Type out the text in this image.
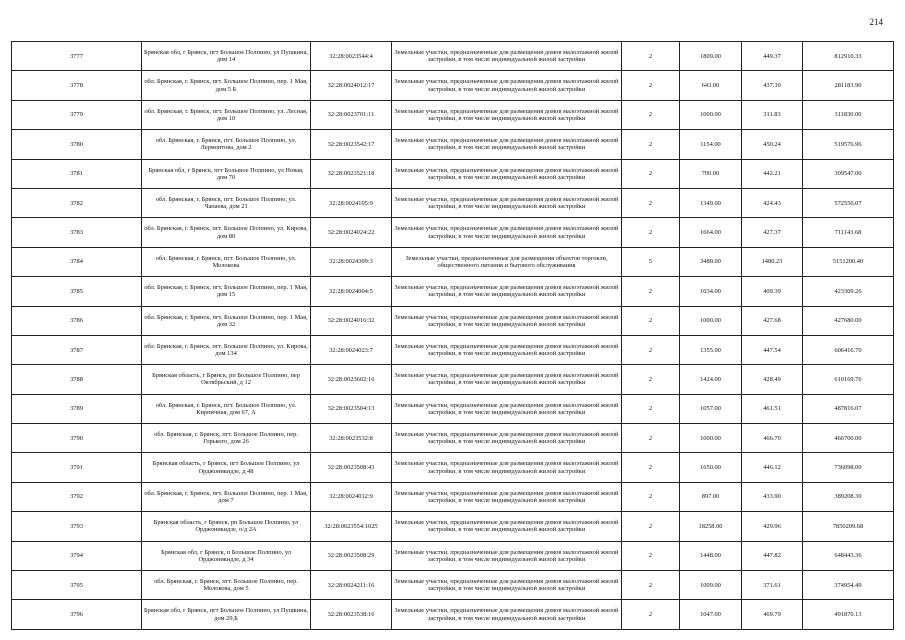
214
3777	Брянская обл, г Брянск, пгт Большое Полпино, ул Пушкина, дом 14	32:28:0023544:4	Земельные участки, предназначенные для размещения домов малоэтажной жилой застройки, в том числе индивидуальной жилой застройки	2	1809.00	449.37	812910.33
3778	обл. Брянская, г. Брянск, пгт. Большое Полпино, пер. 1 Мая, дом 5 Б	32:28:0024012:17	Земельные участки, предназначенные для размещения домов малоэтажной жилой застройки, в том числе индивидуальной жилой застройки	2	643.00	437.30	281183.90
3779	обл. Брянская, г. Брянск, пгт. Большое Полпино, ул. Лесная, дом 10	32:28:0023701:11	Земельные участки, предназначенные для размещения домов малоэтажной жилой застройки, в том числе индивидуальной жилой застройки	2	1000.00	311.83	311830.00
3780	обл. Брянская, г. Брянск, пгт. Большое Полпино, ул. Лермонтова, дом 2	32:28:0023542:17	Земельные участки, предназначенные для размещения домов малоэтажной жилой застройки, в том числе индивидуальной жилой застройки	2	1154.00	450.24	519576.96
3781	Брянская обл, г Брянск, пгт Большое Полпино, ул Новая, дом 70	32:28:0023521:18	Земельные участки, предназначенные для размещения домов малоэтажной жилой застройки, в том числе индивидуальной жилой застройки	2	700.00	442.21	309547.00
3782	обл. Брянская, г. Брянск, пгт. Большое Полпино, ул. Чапаева, дом 21	32:28:0024105:9	Земельные участки, предназначенные для размещения домов малоэтажной жилой застройки, в том числе индивидуальной жилой застройки	2	1349.00	424.43	572556.07
3783	обл. Брянская, г. Брянск, пгт. Большое Полпино, ул. Кирова, дом 80	32:28:0024024:22	Земельные участки, предназначенные для размещения домов малоэтажной жилой застройки, в том числе индивидуальной жилой застройки	2	1664.00	427.37	711143.68
3784	обл. Брянская, г. Брянск, пгт. Большое Полпино, ул. Молокова	32:28:0024309:3	Земельные участки, предназначенные для размещения объектов торговли, общественного питания и бытового обслуживания	5	3480.00	1480.23	5151200.40
3785	обл. Брянская, г. Брянск, пгт. Большое Полпино, пер. 1 Мая, дом 15	32:28:0024004:5	Земельные участки, предназначенные для размещения домов малоэтажной жилой застройки, в том числе индивидуальной жилой застройки	2	1034.00	409.39	423309.26
3786	обл. Брянская, г. Брянск, пгт. Большое Полпино, пер. 1 Мая, дом 32	32:28:0024016:32	Земельные участки, предназначенные для размещения домов малоэтажной жилой застройки, в том числе индивидуальной жилой застройки	2	1000.00	427.68	427680.00
3787	обл. Брянская, г. Брянск, пгт. Большое Полпино, ул. Кирова, дом 134	32:28:0024023:7	Земельные участки, предназначенные для размещения домов малоэтажной жилой застройки, в том числе индивидуальной жилой застройки	2	1355.00	447.54	606416.70
3788	Брянская область, г Брянск, рп Большое Полпино, пер Октябрьский, д 12	32:28:0023602:16	Земельные участки, предназначенные для размещения домов малоэтажной жилой застройки, в том числе индивидуальной жилой застройки	2	1424.00	428.49	610169.76
3789	обл. Брянская, г. Брянск, пгт. Большое Полпино, ул. Кирпичная, дом 67, А	32:28:0023504:13	Земельные участки, предназначенные для размещения домов малоэтажной жилой застройки, в том числе индивидуальной жилой застройки	2	1057.00	461.51	487816.07
3790	обл. Брянская, г. Брянск, пгт. Большое Полпино, пер. Горького, дом 26	32:28:0023532:8	Земельные участки, предназначенные для размещения домов малоэтажной жилой застройки, в том числе индивидуальной жилой застройки	2	1000.00	466.70	466700.00
3791	Брянская область, г Брянск, пгт Большое Полпино, ул Орджоникидзе, д 48	32:28:0023508:43	Земельные участки, предназначенные для размещения домов малоэтажной жилой застройки, в том числе индивидуальной жилой застройки	2	1650.00	446.12	736098.00
3792	обл. Брянская, г. Брянск, пгт. Большое Полпино, пер. 1 Мая, дом 7	32:28:0024012:9	Земельные участки, предназначенные для размещения домов малоэтажной жилой застройки, в том числе индивидуальной жилой застройки	2	897.00	433.90	389208.30
3793	Брянская область, г Брянск, рп Большое Полпино, ул Орджоникидзе, о/д 2А	32:28:0023554:1025	Земельные участки, предназначенные для размещения домов малоэтажной жилой застройки, в том числе индивидуальной жилой застройки	2	18258.00	429.96	7850209.68
3794	Брянская обл, г Брянск, п Большое Полпино, ул Орджоникидзе, д 34	32:28:0023508:29	Земельные участки, предназначенные для размещения домов малоэтажной жилой застройки, в том числе индивидуальной жилой застройки	2	1448.00	447.82	648443.36
3795	обл. Брянская, г. Брянск, пгт. Большое Полпино, пер. Молокова, дом 5	32:28:0024211:16	Земельные участки, предназначенные для размещения домов малоэтажной жилой застройки, в том числе индивидуальной жилой застройки	2	1009.00	371.61	374954.49
3796	Брянская обл, г Брянск, пгт Большое Полпино, ул Пушкина, дом 29,Б	32:28:0023538:16	Земельные участки, предназначенные для размещения домов малоэтажной жилой застройки, в том числе индивидуальной жилой застройки	2	1047.00	469.79	491870.13
